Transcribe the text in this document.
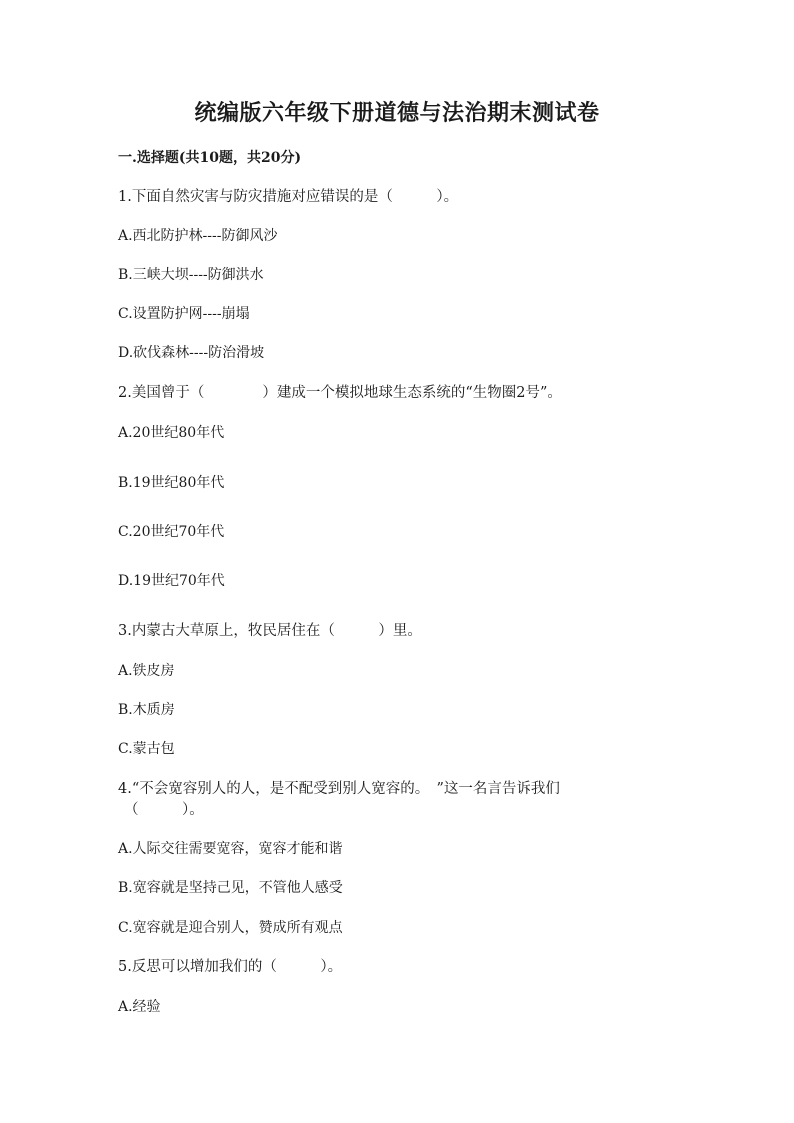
统编版六年级下册道德与法治期末测试卷
一.选择题(共10题，共20分)
1.下面自然灾害与防灾措施对应错误的是（　　　）。
A.西北防护林----防御风沙
B.三峡大坝----防御洪水
C.设置防护网----崩塌
D.砍伐森林----防治滑坡
2.美国曾于（　　　　）建成一个模拟地球生态系统的“生物圈2号”。
A.20世纪80年代
B.19世纪80年代
C.20世纪70年代
D.19世纪70年代
3.内蒙古大草原上，牧民居住在（　　　）里。
A.铁皮房
B.木质房
C.蒙古包
4.“不会宽容别人的人，是不配受到别人宽容的。　”这一名言告诉我们
（　　　）。
A.人际交往需要宽容，宽容才能和谐
B.宽容就是坚持己见，不管他人感受
C.宽容就是迎合别人，赞成所有观点
5.反思可以增加我们的（　　　）。
A.经验
